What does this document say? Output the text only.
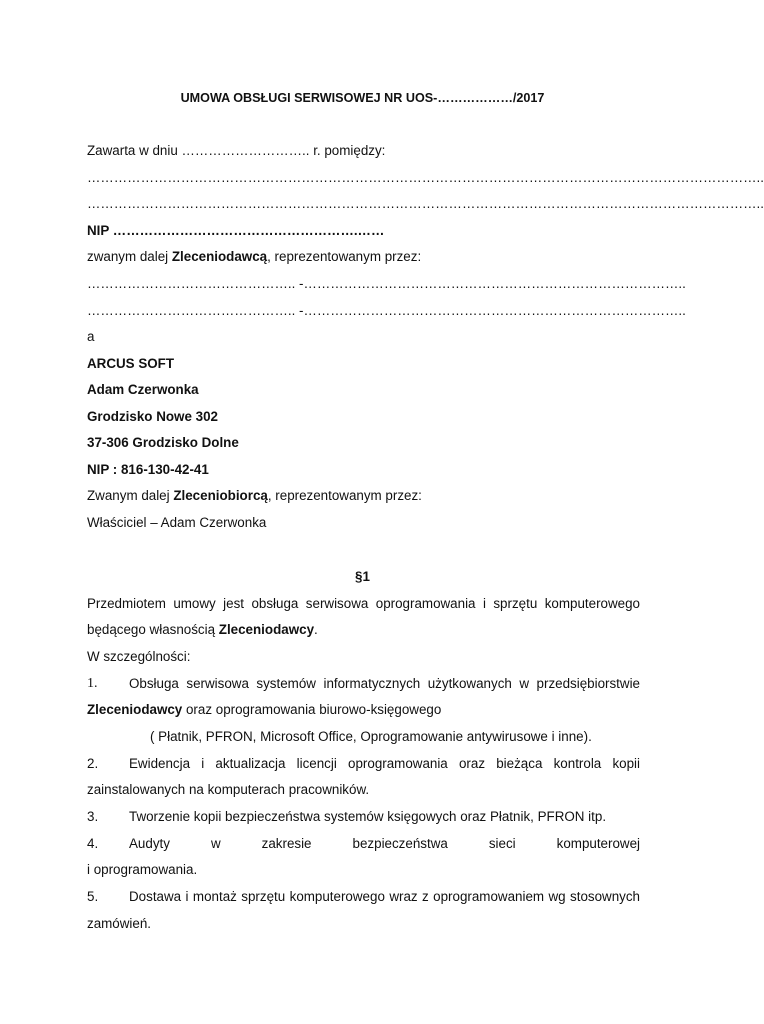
UMOWA OBSŁUGI SERWISOWEJ NR UOS-………………/2017
Zawarta w dniu ……………………….. r. pomiędzy:
……………………………………………………………………………………………………………………………………..
……………………………………………………………………………………………………………………………………..
NIP ……………………………………………….……
zwanym dalej Zleceniodawcą, reprezentowanym przez:
……………………………………….. -…………………………………………………………………………..
……………………………………….. -…………………………………………………………………………..
a
ARCUS SOFT
Adam Czerwonka
Grodzisko Nowe 302
37-306 Grodzisko Dolne
NIP : 816-130-42-41
Zwanym dalej Zleceniobiorcą, reprezentowanym przez:
Właściciel – Adam Czerwonka
§1
Przedmiotem umowy jest obsługa serwisowa oprogramowania i sprzętu komputerowego
będącego własnością Zleceniodawcy.
W szczególności:
1. Obsługa serwisowa systemów informatycznych użytkowanych w przedsiębiorstwie
Zleceniodawcy oraz oprogramowania biurowo-księgowego
( Płatnik, PFRON, Microsoft Office, Oprogramowanie antywirusowe i inne).
2. Ewidencja i aktualizacja licencji oprogramowania oraz bieżąca kontrola kopii
zainstalowanych na komputerach pracowników.
3. Tworzenie kopii bezpieczeństwa systemów księgowych oraz Płatnik, PFRON itp.
4. Audyty	w	zakresie	bezpieczeństwa	sieci	komputerowej
i oprogramowania.
5. Dostawa i montaż sprzętu komputerowego wraz z oprogramowaniem wg stosownych
zamówień.
